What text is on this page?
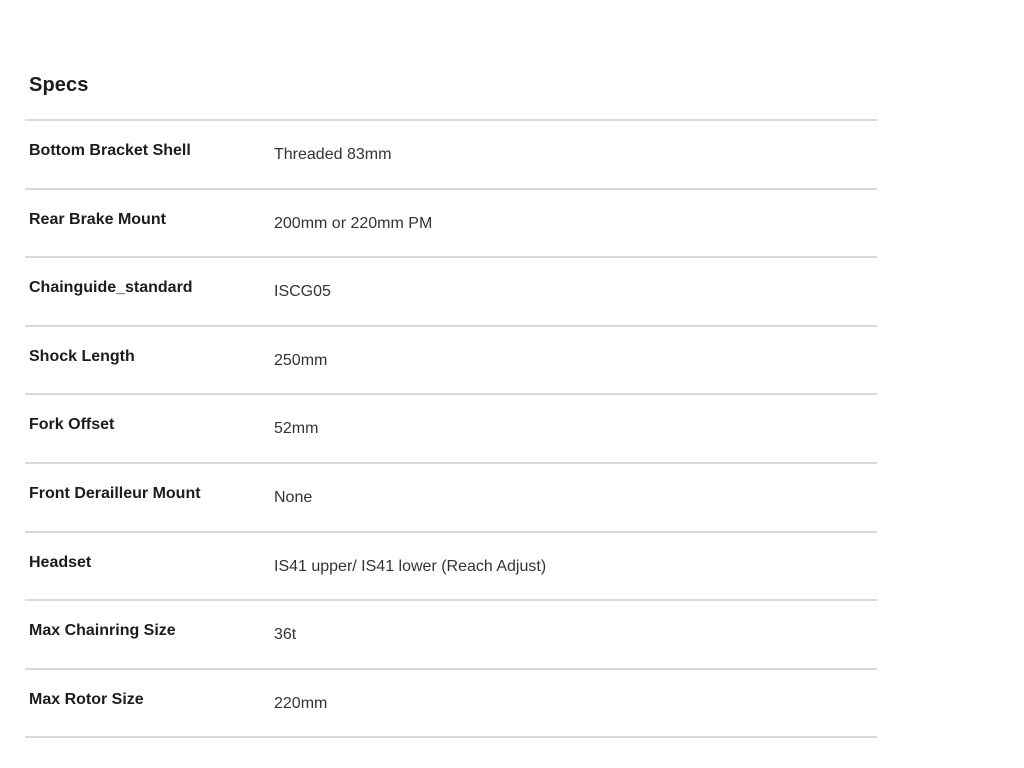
Specs
Bottom Bracket Shell	Threaded 83mm
Rear Brake Mount	200mm or 220mm PM
Chainguide_standard	ISCG05
Shock Length	250mm
Fork Offset	52mm
Front Derailleur Mount	None
Headset	IS41 upper/ IS41 lower (Reach Adjust)
Max Chainring Size	36t
Max Rotor Size	220mm
